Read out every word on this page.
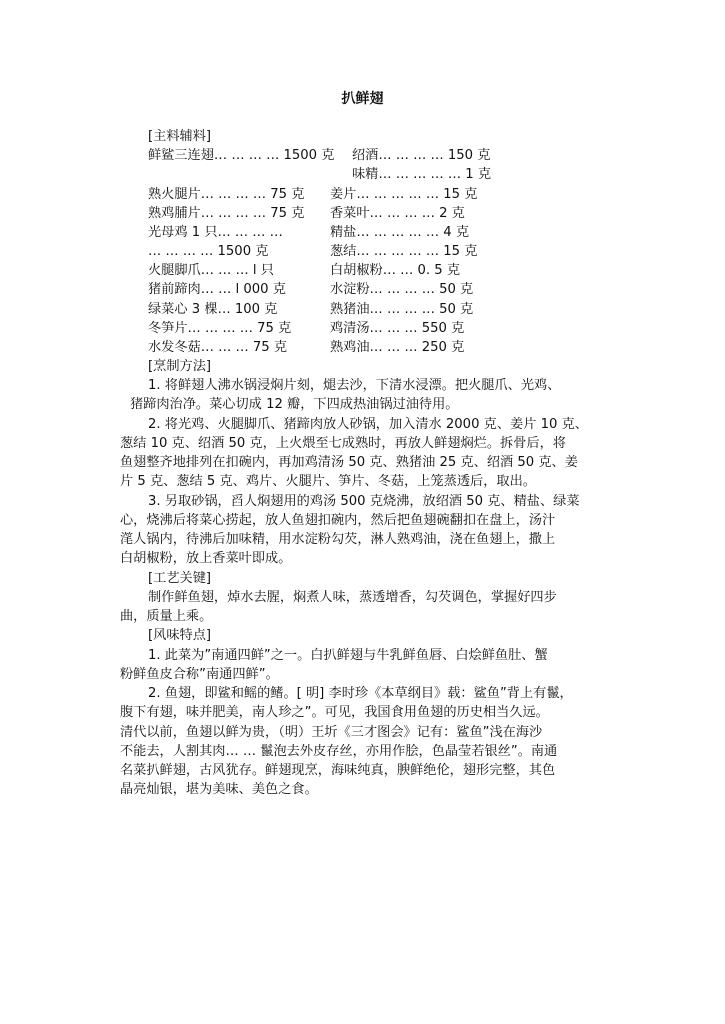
扒鲜翅
[主料辅料]
鲜鲨三连翅… … … … 1500 克 绍酒… … … … 150 克
味精… … … … … 1 克
熟火腿片… … … … 75 克 姜片… … … … … 15 克
熟鸡脯片… … … … 75 克 香菜叶… … … … 2 克
光母鸡 1 只… … … …	精盐… … … … … 4 克
… … … … 1500 克	葱结… … … … … 15 克
火腿脚爪… … … l 只	白胡椒粉… … 0. 5 克
猪前蹄肉… … l 000 克	水淀粉… … … … 50 克
绿菜心 3 棵… 100 克	熟猪油… … … … 50 克
冬笋片… … … … 75 克	鸡清汤… … … 550 克
水发冬菇… … … 75 克	熟鸡油… … … 250 克
[烹制方法]
1. 将鲜翅人沸水锅浸焖片刻，煺去沙，下清水浸漂。把火腿爪、光鸡、
猪蹄肉治净。菜心切成 12 瓣，下四成热油锅过油待用。
2. 将光鸡、火腿脚爪、猪蹄肉放人砂锅，加入清水 2000 克、姜片 10 克、
葱结 10 克、绍酒 50 克，上火煨至七成熟时，再放人鲜翅焖烂。拆骨后，将
鱼翅整齐地排列在扣碗内，再加鸡清汤 50 克、熟猪油 25 克、绍酒 50 克、姜
片 5 克、葱结 5 克、鸡片、火腿片、笋片、冬菇，上笼蒸透后，取出。
3. 另取砂锅，舀人焖翅用的鸡汤 500 克烧沸，放绍酒 50 克、精盐、绿菜
心，烧沸后将菜心捞起，放人鱼翅扣碗内，然后把鱼翅碗翻扣在盘上，汤汁
滗人锅内，待沸后加味精，用水淀粉勾芡，淋人熟鸡油，浇在鱼翅上，撒上
白胡椒粉，放上香菜叶即成。
[工艺关键]
制作鲜鱼翅，焯水去腥，焖煮人味，蒸透增香，勾芡调色，掌握好四步
曲，质量上乘。
[风味特点]
1. 此菜为”南通四鲜”之一。白扒鲜翅与牛乳鲜鱼唇、白烩鲜鱼肚、蟹
粉鲜鱼皮合称”南通四鲜”。
2. 鱼翅，即鲨和鳐的鳍。[ 明] 李时珍《本草纲目》载：鲨鱼”背上有鬣，
腹下有翅，味并肥美，南人珍之”。可见，我国食用鱼翅的历史相当久远。
清代以前，鱼翅以鲜为贵，（明）王圻《三才图会》记有：鲨鱼”浅在海沙
不能去，人割其肉… … 鬣泡去外皮存丝，亦用作脍，色晶莹若银丝”。南通
名菜扒鲜翅，古风犹存。鲜翅现烹，海味纯真，腴鲜绝伦，翅形完整，其色
晶亮灿银，堪为美味、美色之食。
